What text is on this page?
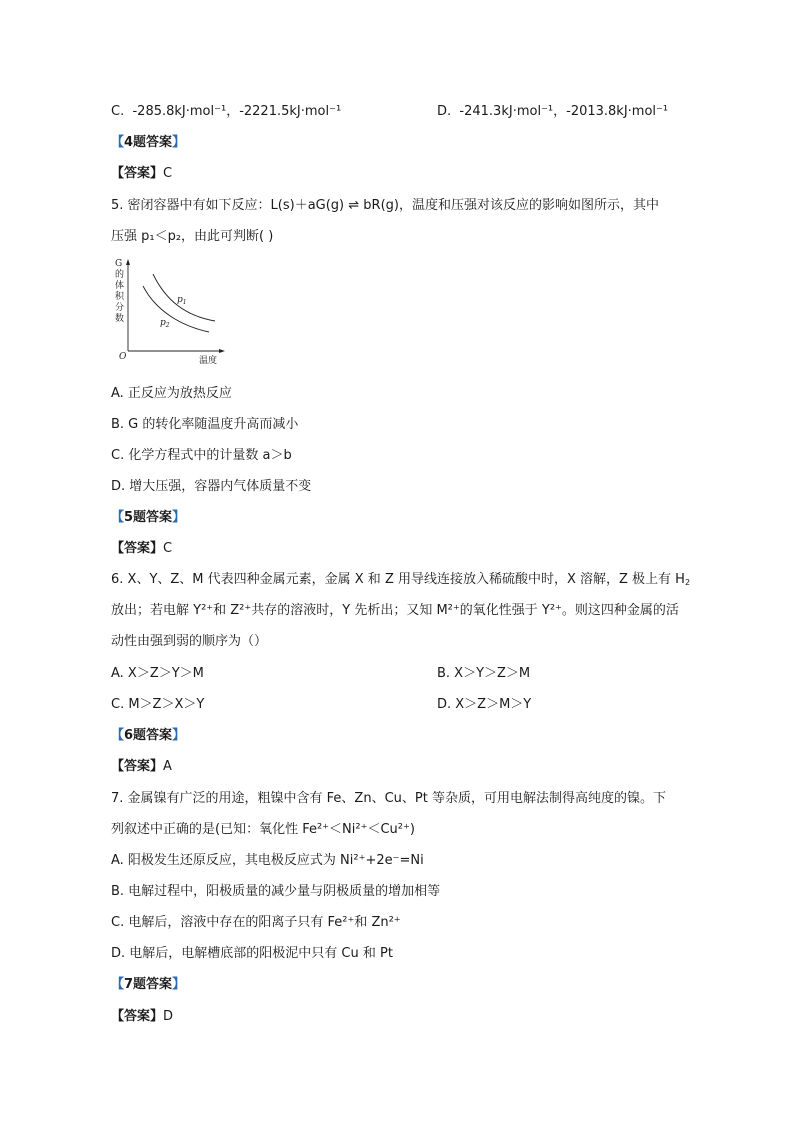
C. -285.8kJ·mol⁻¹，-2221.5kJ·mol⁻¹	D. -241.3kJ·mol⁻¹，-2013.8kJ·mol⁻¹
【4题答案】
【答案】C
5. 密闭容器中有如下反应：L(s)＋aG(g) ⇌ bR(g)，温度和压强对该反应的影响如图所示，其中
压强 p₁＜p₂，由此可判断( )
G
的
体
积
分
数
O	温度
$p_1$
$p_2$
A. 正反应为放热反应
B. G 的转化率随温度升高而减小
C. 化学方程式中的计量数 a＞b
D. 增大压强，容器内气体质量不变
【5题答案】
【答案】C
6. X、Y、Z、M 代表四种金属元素，金属 X 和 Z 用导线连接放入稀硫酸中时，X 溶解，Z 极上有 $H_2$
放出；若电解 Y²⁺和 Z²⁺共存的溶液时，Y 先析出；又知 M²⁺的氧化性强于 Y²⁺。则这四种金属的活
动性由强到弱的顺序为（）
A. X＞Z＞Y＞M	B. X＞Y＞Z＞M
C. M＞Z＞X＞Y	D. X＞Z＞M＞Y
【6题答案】
【答案】A
7. 金属镍有广泛的用途，粗镍中含有 Fe、Zn、Cu、Pt 等杂质，可用电解法制得高纯度的镍。下
列叙述中正确的是(已知：氧化性 Fe²⁺＜Ni²⁺＜Cu²⁺)
A. 阳极发生还原反应，其电极反应式为 Ni²⁺+2e⁻=Ni
B. 电解过程中，阳极质量的减少量与阴极质量的增加相等
C. 电解后，溶液中存在的阳离子只有 Fe²⁺和 Zn²⁺
D. 电解后，电解槽底部的阳极泥中只有 Cu 和 Pt
【7题答案】
【答案】D
